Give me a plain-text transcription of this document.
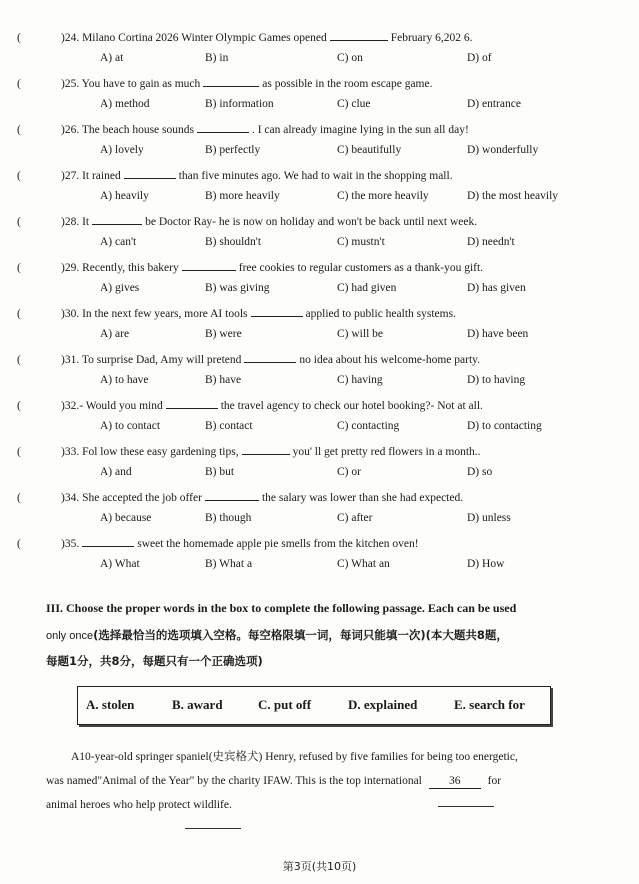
(	)24. Milano Cortina 2026 Winter Olympic Games opened	February 6,202 6.
A) at	B) in	C) on	D) of
(	)25. You have to gain as much	as possible in the room escape game.
A) method	B) information	C) clue	D) entrance
(	)26. The beach house sounds	. I can already imagine lying in the sun all day!
A) lovely	B) perfectly	C) beautifully	D) wonderfully
(	)27. It rained	than five minutes ago. We had to wait in the shopping mall.
A) heavily	B) more heavily	C) the more heavily	D) the most heavily
(	)28. It	be Doctor Ray- he is now on holiday and won't be back until next week.
A) can't	B) shouldn't	C) mustn't	D) needn't
(	)29. Recently, this bakery	free cookies to regular customers as a thank-you gift.
A) gives	B) was giving	C) had given	D) has given
(	)30. In the next few years, more AI tools	applied to public health systems.
A) are	B) were	C) will be	D) have been
(	)31. To surprise Dad, Amy will pretend	no idea about his welcome-home party.
A) to have	B) have	C) having	D) to having
(	)32.- Would you mind	the travel agency to check our hotel booking?- Not at all.
A) to contact	B) contact	C) contacting	D) to contacting
(	)33. Fol low these easy gardening tips,	you' ll get pretty red flowers in a month..
A) and	B) but	C) or	D) so
(	)34. She accepted the job offer	the salary was lower than she had expected.
A) because	B) though	C) after	D) unless
(	)35.	sweet the homemade apple pie smells from the kitchen oven!
A) What	B) What a	C) What an	D) How
III. Choose the proper words in the box to complete the following passage. Each can be used
only once(选择最恰当的选项填入空格。每空格限填一词，每词只能填一次)(本大题共8题，
每题1分，共8分，每题只有一个正确选项)
A. stolen	B. award	C. put off	D. explained	E. search for
A10-year-old springer spaniel(史宾格犬) Henry, refused by five families for being too energetic,
was named"Animal of the Year" by the charity IFAW. This is the top international 36 for
animal heroes who help protect wildlife.
第3页(共10页)
